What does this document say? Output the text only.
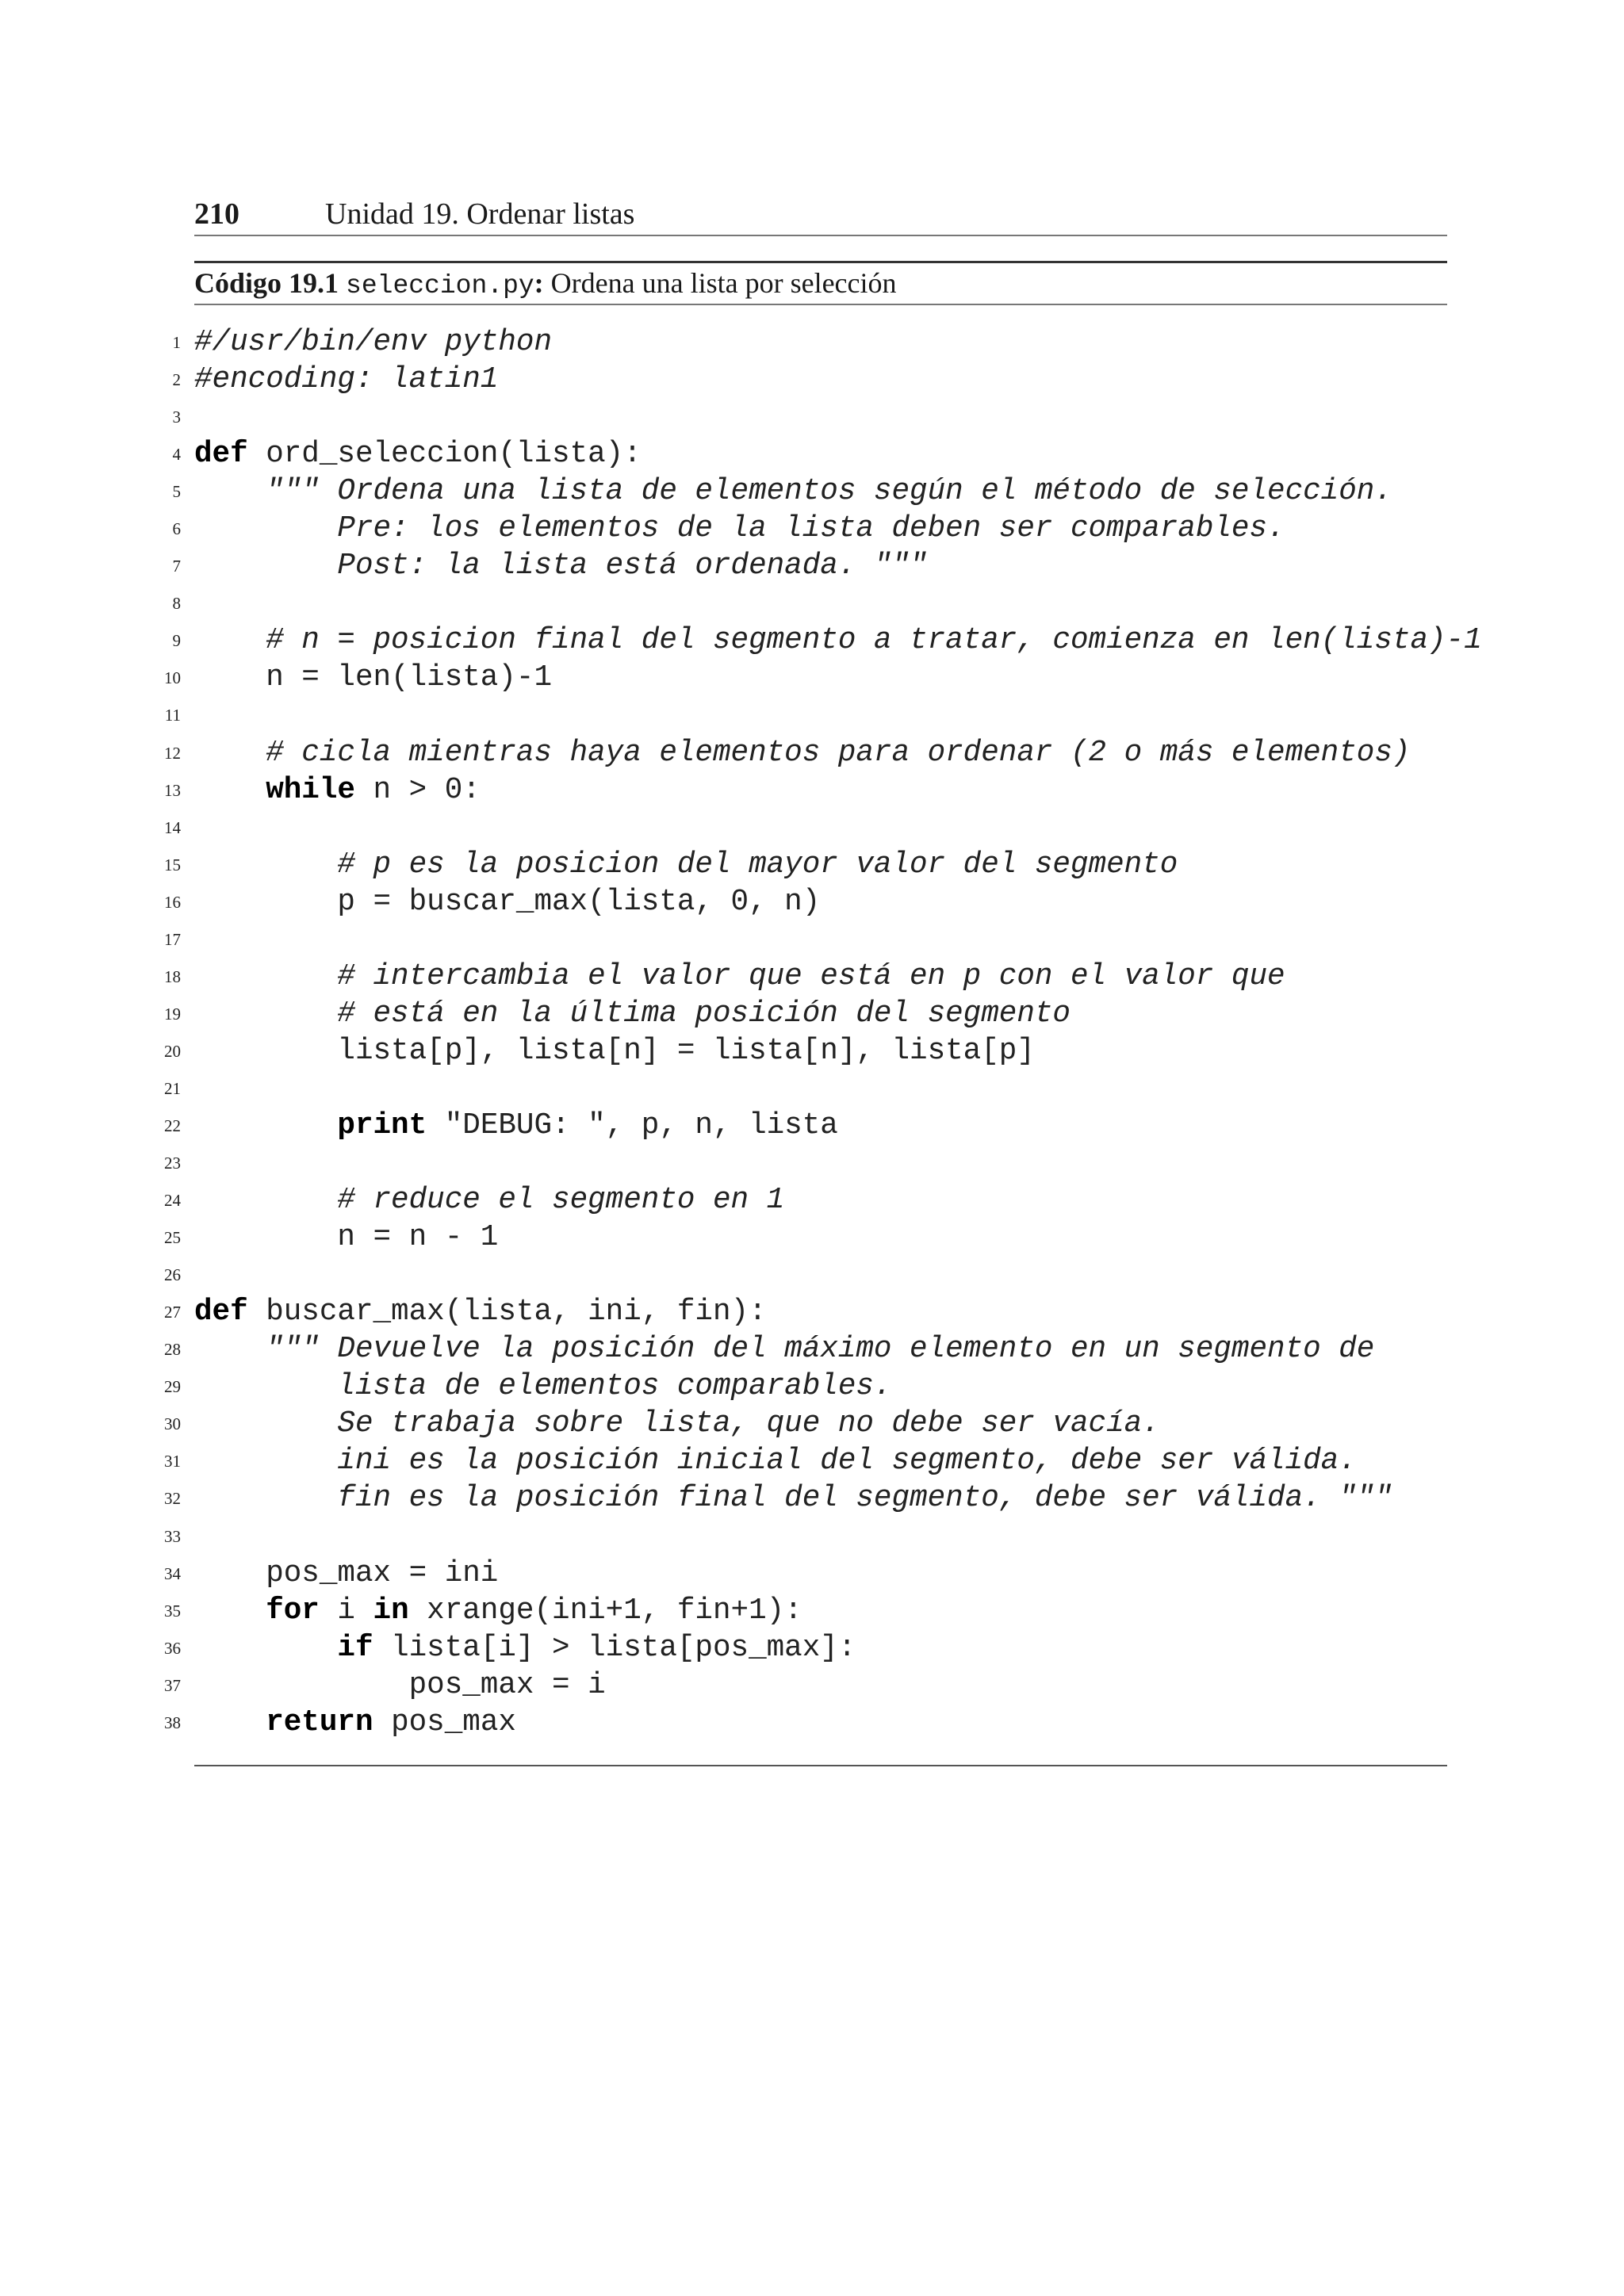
210	Unidad 19. Ordenar listas
Código 19.1 seleccion.py: Ordena una lista por selección
1 #/usr/bin/env python
2 #encoding: latin1
3
4 def ord_seleccion(lista):
5	""" Ordena una lista de elementos según el método de selección.
6 Pre: los elementos de la lista deben ser comparables.
7 Post: la lista está ordenada. """
8
9	# n = posicion final del segmento a tratar, comienza en len(lista)-1
10 n = len(lista)-1
11
12	# cicla mientras haya elementos para ordenar (2 o más elementos)
13	while n > 0:
14
15	# p es la posicion del mayor valor del segmento
16 p = buscar_max(lista, 0, n)
17
18	# intercambia el valor que está en p con el valor que
19	# está en la última posición del segmento
20 lista[p], lista[n] = lista[n], lista[p]
21
22	print "DEBUG: ", p, n, lista
23
24	# reduce el segmento en 1
25 n = n - 1
26
27 def buscar_max(lista, ini, fin):
28	""" Devuelve la posición del máximo elemento en un segmento de
29 lista de elementos comparables.
30 Se trabaja sobre lista, que no debe ser vacía.
31 ini es la posición inicial del segmento, debe ser válida.
32 fin es la posición final del segmento, debe ser válida. """
33
34 pos_max = ini
35	for i in xrange(ini+1, fin+1):
36	if lista[i] > lista[pos_max]:
37 pos_max = i
38	return pos_max
